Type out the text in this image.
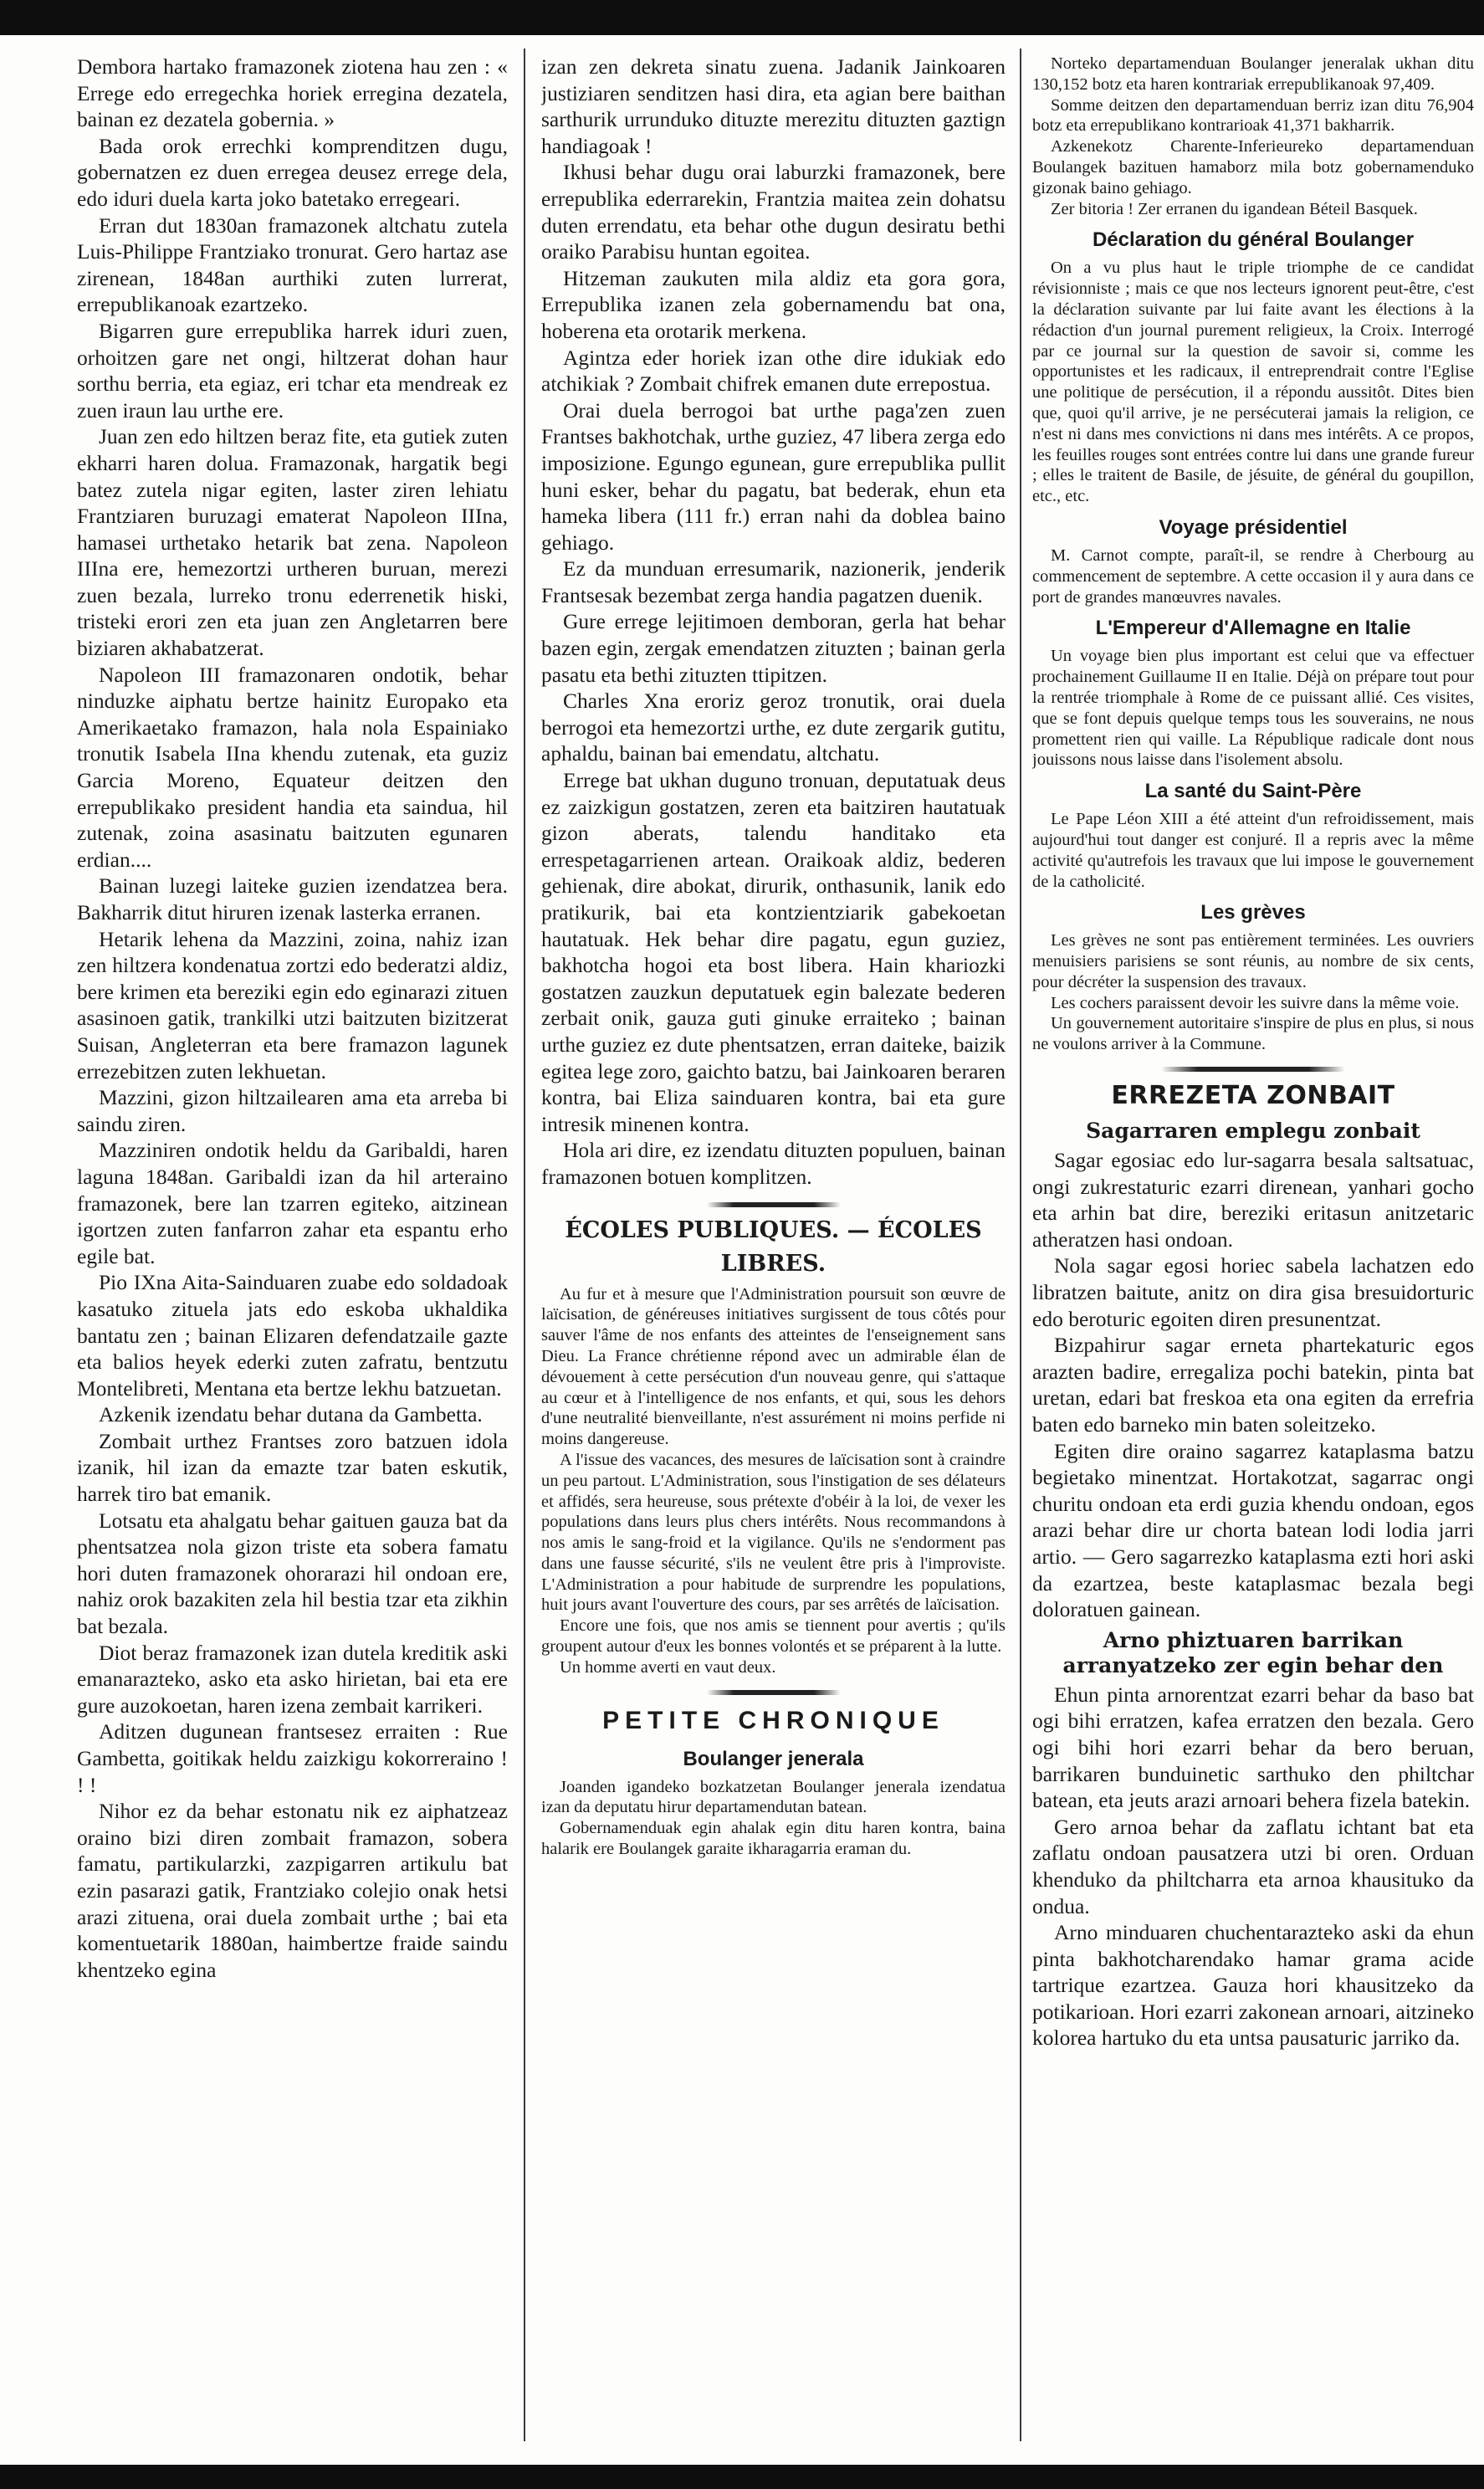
Dembora hartako framazonek ziotena hau zen : « Errege edo erregechka horiek errеgina dezatela, bainan ez dezatela gobernia. »

Bada orok errechki komprenditzen dugu, gobernatzen ez duen erregea deusez errege dela, edo iduri duela karta joko batetako erregeari.

Erran dut 1830an framazonek altchatu zutela Luis-Philippe Frantziako tronurat. Gero hartaz ase zirenean, 1848an aurthiki zuten lurrerat, errepublikanoak ezartzeko.

Bigarren gure errepublika harrek iduri zuen, orhoitzen gare net ongi, hiltzerat dohan haur sorthu berria, eta egiaz, eri tchar eta mendreak ez zuen iraun lau urthe ere.

Juan zen edo hiltzen beraz fite, eta gutiek zuten ekharri haren dolua. Framazonak, hargatik begi batez zutela nigar egiten, laster ziren lehiatu Frantziaren buruzagi ematerat Napoleon IIIna, hamasei urthetako hetarik bat zena. Napoleon IIIna ere, hemezortzi urtheren buruan, merezi zuen bezala, lurreko tronu ederrenetik hiski, tristeki erori zen eta juan zen Angletarren bere biziaren akhabatzerat.

Napoleon III framazonaren ondotik, behar ninduzke aiphatu bertze hainitz Europako eta Amerikaetako framazon, hala nola Espainiako tronutik Isabela IIna khendu zutenak, eta guziz Garcia Moreno, Equateur deitzen den errepublikako president handia eta saindua, hil zutenak, zoina asasinatu baitzuten egunaren erdian....

Bainan luzegi laiteke guzien izendatzea bera. Bakharrik ditut hiruren izenak lasterka erranen.

Hetarik lehena da Mazzini, zoina, nahiz izan zen hiltzera kondenatua zortzi edo bederatzi aldiz, bere krimen eta bereziki egin edo eginarazi zituen asasinoen gatik, trankilki utzi baitzuten bizitzerat Suisan, Angleterran eta bere framazon lagunek errezebitzen zuten lekhuetan.

Mazzini, gizon hiltzailearen ama eta arreba bi saindu ziren.

Mazziniren ondotik heldu da Garibaldi, haren laguna 1848an. Garibaldi izan da hil arteraino framazonek, bere lan tzarren egiteko, aitzinean igortzen zuten fanfarron zahar eta espantu erho egile bat.

Pio IXna Aita-Sainduaren zuabe edo soldadoak kasatuko zituela jats edo eskoba ukhaldika bantatu zen ; bainan Elizaren defendatzaile gazte eta balios heyek ederki zuten zafratu, bentzutu Montelibreti, Mentana eta bertze lekhu batzuetan.

Azkenik izendatu behar dutana da Gambetta.

Zombait urthez Frantses zoro batzuen idola izanik, hil izan da emazte tzar baten eskutik, harrek tiro bat emanik.

Lotsatu eta ahalgatu behar gaituen gauza bat da phentsatzea nola gizon triste eta sobera famatu hori duten framazonek ohorarazi hil ondoan ere, nahiz orok bazakiten zela hil bestia tzar eta zikhin bat bezala.

Diot beraz framazonek izan dutela kreditik aski emanarazteko, asko eta asko hirietan, bai eta ere gure auzokoetan, haren izena zembait karrikeri.

Aditzen dugunean frantsesez erraiten : Rue Gambetta, goitikak heldu zaizkigu kokorreraino ! ! !

Nihor ez da behar estonatu nik ez aiphatzeaz oraino bizi diren zombait framazon, sobera famatu, partikularzki, zazpigarren artikulu bat ezin pasarazi gatik, Frantziako colejio onak hetsi arazi zituena, orai duela zombait urthe ; bai eta komentuetarik 1880an, haimbertze fraide saindu khentzeko egina

izan zen dekreta sinatu zuena. Jadanik Jainkoaren justiziaren senditzen hasi dira, eta agian bere baithan sarthurik urrunduko dituzte merezitu dituzten gaztign handiagoak !

Ikhusi behar dugu orai laburzki framazonek, bere errepublika ederrarekin, Frantzia maitea zein dohatsu duten errendatu, eta behar othe dugun desiratu bethi oraiko Parabisu huntan egoitea.

Hitzeman zaukuten mila aldiz eta gora gora, Errepublika izanen zela gobernamendu bat ona, hoberena eta orotarik merkena.

Agintza eder horiek izan othe dire idukiak edo atchikiak ? Zombait chifrek emanen dute errepostua.

Orai duela berrogoi bat urthe paga'zen zuen Frantses bakhotchak, urthe guziez, 47 libera zerga edo imposizione. Egungo egunean, gure errepublika pullit huni esker, behar du pagatu, bat bederak, ehun eta hameka libera (111 fr.) erran nahi da doblea baino gehiago.

Ez da munduan erresumarik, nazionerik, jenderik Frantsesak bezembat zerga handia pagatzen duenik.

Gure errege lejitimoen demboran, gerla hat behar bazen egin, zergak emendatzen zituzten ; bainan gerla pasatu eta bethi zituzten ttipitzen.

Charles Xna eroriz geroz tronutik, orai duela berrogoi eta hemezortzi urthe, ez dute zergarik gutitu, aphaldu, bainan bai emendatu, altchatu.

Errege bat ukhan dugunо tronuan, deputatuak deus ez zaizkigun gostatzen, zeren eta baitziren hautatuak gizon aberats, talendu handitako eta errespetagarrienen artean. Oraikoak aldiz, bederen gehienak, dire abokat, dirurik, onthasunik, lanik edo pratikurik, bai eta kontzientziarik gabekoetan hautatuak. Hek behar dire pagatu, egun guziez, bakhotcha hogoi eta bost libera. Hain khariozki gostatzen zauzkun deputatuek egin balezate bederen zerbait onik, gauza guti ginuke erraiteko ; bainan urthe guziez ez dute phentsatzen, erran daiteke, baizik egitea lege zoro, gaichto batzu, bai Jainkoaren beraren kontra, bai Eliza sainduaren kontra, bai eta gure intresik minenen kontra.

Hola ari dire, ez izendatu dituzten populuen, bainan framazonen botuen komplitzen.

ÉCOLES PUBLIQUES. — ÉCOLES LIBRES.

Au fur et à mesure que l'Administration poursuit son œuvre de laïcisation, de généreuses initiatives surgissent de tous côtés pour sauver l'âme de nos enfants des atteintes de l'enseignement sans Dieu. La France chrétienne répond avec un admirable élan de dévouement à cette persécution d'un nouveau genre, qui s'attaque au cœur et à l'intelligence de nos enfants, et qui, sous les dehors d'une neutralité bienveillante, n'est assurément ni moins perfide ni moins dangereuse.

A l'issue des vacances, des mesures de laïcisation sont à craindre un peu partout. L'Administration, sous l'instigation de ses délateurs et affidés, sera heureuse, sous prétexte d'obéir à la loi, de vexer les populations dans leurs plus chers intérêts. Nous recommandons à nos amis le sang-froid et la vigilance. Qu'ils ne s'endorment pas dans une fausse sécurité, s'ils ne veulent être pris à l'improviste. L'Administration a pour habitude de surprendre les populations, huit jours avant l'ouverture des cours, par ses arrêtés de laïcisation.

Encore une fois, que nos amis se tiennent pour avertis ; qu'ils groupent autour d'eux les bonnes volontés et se préparent à la lutte.

Un homme averti en vaut deux.

PETITE CHRONIQUE
Boulanger jenerala

Joanden igandeko bozkatzetan Boulanger jenerala izendatua izan da deputatu hirur departamendutan batean.

Gobernamenduak egin ahalak egin ditu haren kontra, baina halarik ere Boulangek garaite ikharagarria eraman du.

Norteko departamenduan Boulanger jeneralak ukhan ditu 130,152 botz eta haren kontrariak errepublikanoak 97,409.

Somme deitzen den departamenduan berriz izan ditu 76,904 botz eta errepublikano kontrarioak 41,371 bakharrik.

Azkenekotz Charente-Inferieureko departamenduan Boulangek bazituen hamaborz mila botz gobernamenduko gizonak baino gehiago.

Zer bitoria ! Zer erranen du igandean Béteil Basquek.

Déclaration du général Boulanger

On a vu plus haut le triple triomphe de ce candidat révisionniste ; mais ce que nos lecteurs ignorent peut-être, c'est la déclaration suivante par lui faite avant les élections à la rédaction d'un journal purement religieux, la Croix. Interrogé par ce journal sur la question de savoir si, comme les opportunistes et les radicaux, il entreprendrait contre l'Eglise une politique de persécution, il a répondu aussitôt. Dites bien que, quoi qu'il arrive, je ne persécuterai jamais la religion, ce n'est ni dans mes convictions ni dans mes intérêts. A ce propos, les feuilles rouges sont entrées contre lui dans une grande fureur ; elles le traitent de Basile, de jésuite, de général du goupillon, etc., etc.

Voyage présidentiel

M. Carnot compte, paraît-il, se rendre à Cherbourg au commencement de septembre. A cette occasion il y aura dans ce port de grandes manœuvres navales.

L'Empereur d'Allemagne en Italie

Un voyage bien plus important est celui que va effectuer prochainement Guillaume II en Italie. Déjà on prépare tout pour la rentrée triomphale à Rome de ce puissant allié. Ces visites, que se font depuis quelque temps tous les souverains, ne nous promettent rien qui vaille. La République radicale dont nous jouissons nous laisse dans l'isolement absolu.

La santé du Saint-Père

Le Pape Léon XIII a été atteint d'un refroidissement, mais aujourd'hui tout danger est conjuré. Il a repris avec la même activité qu'autrefois les travaux que lui impose le gouvernement de la catholicité.

Les grèves

Les grèves ne sont pas entièrement terminées. Les ouvriers menuisiers parisiens se sont réunis, au nombre de six cents, pour décréter la suspension des travaux.

Les cochers paraissent devoir les suivre dans la même voie.

Un gouvernement autoritaire s'inspire de plus en plus, si nous ne voulons arriver à la Commune.

ERREZETA ZONBAIT
Sagarraren emplegu zonbait

Sagar egosiac edo lur-sagarra besala saltsatuac, ongi zukrestaturic ezarri direnean, yanhari gocho eta arhin bat dire, bereziki eritasun anitzetaric atheratzen hasi ondoan.

Nola sagar egosi horiec sabela lachatzen edo libratzen baitute, anitz on dira gisa bresuidorturic edo beroturic egoiten diren presunentzat.

Bizpahirur sagar erneta phartekaturic egos arazten badire, erregaliza pochi batekin, pinta bat uretan, edari bat freskoa eta ona egiten da errefria baten edo barneko min baten soleitzeko.

Egiten dire oraino sagarrez kataplasma batzu begietako minentzat. Hortakotzat, sagarrac ongi churitu ondoan eta erdi guzia khendu ondoan, egos arazi behar dire ur chorta batean lodi lodia jarri artio. — Gero sagarrezko kataplasma ezti hori aski da ezartzea, beste kataplasmac bezala begi doloratuen gainean.

Arno phiztuaren barrikan arranyatzeko zer egin behar den

Ehun pinta arnorentzat ezarri behar da baso bat ogi bihi erratzen, kafea erratzen den bezala. Gero ogi bihi hori ezarri behar da bero beruan, barrikaren bunduinetic sarthuko den philtchar batean, eta jeuts arazi arnoari behera fizela batekin.

Gero arnoa behar da zaflatu ichtant bat eta zaflatu ondoan pausatzera utzi bi oren. Orduan khenduko da philtcharra eta arnoa khausituko da ondua.

Arno minduaren chuchentarazteko aski da ehun pinta bakhotcharendako hamar grama acide tartrique ezartzea. Gauza hori khausitzeko da potikarioan. Hori ezarri zakonean arnoari, aitzineko kolorea hartuko du eta untsa pausaturic jarriko da.
